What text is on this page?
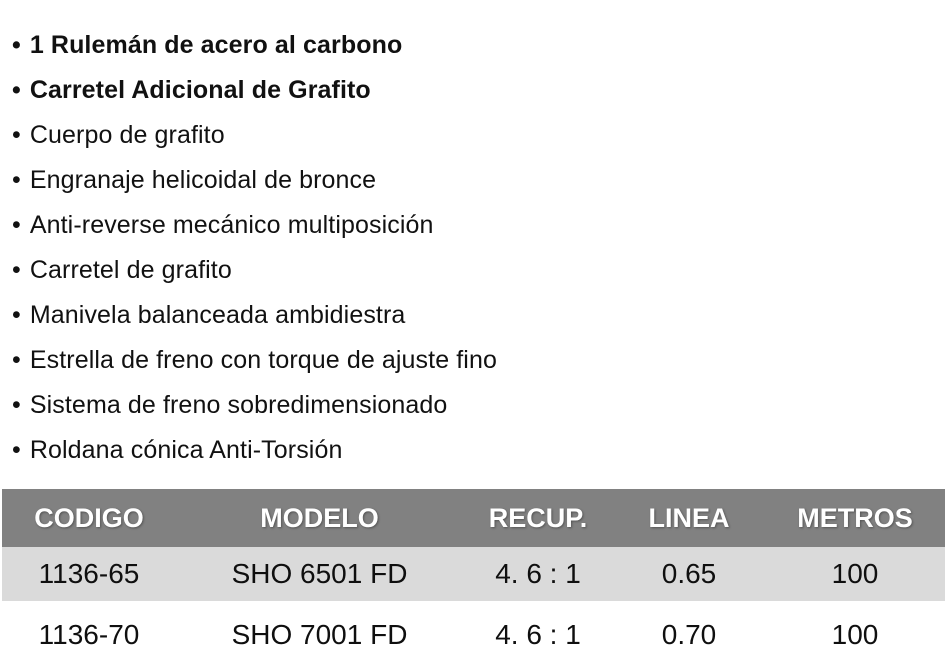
• 1 Rulemán de acero al carbono
• Carretel Adicional de Grafito
• Cuerpo de grafito
• Engranaje helicoidal de bronce
• Anti-reverse mecánico multiposición
• Carretel de grafito
• Manivela balanceada ambidiestra
• Estrella de freno con torque de ajuste fino
• Sistema de freno sobredimensionado
• Roldana cónica Anti-Torsión
CODIGO	MODELO	RECUP.	LINEA	METROS
1136-65	SHO 6501 FD	4. 6 : 1	0.65	100
1136-70	SHO 7001 FD	4. 6 : 1	0.70	100
